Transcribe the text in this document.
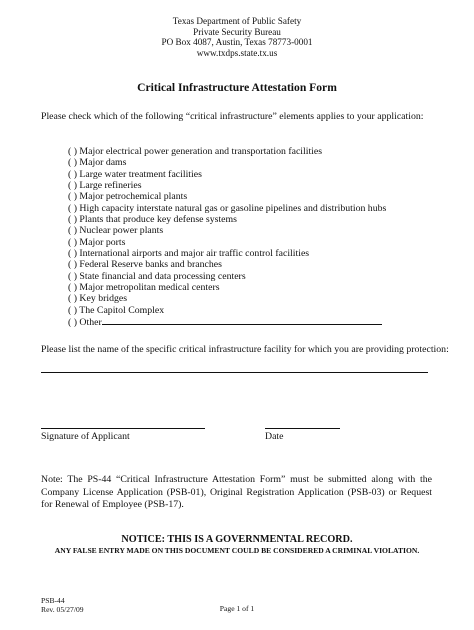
Texas Department of Public Safety
Private Security Bureau
PO Box 4087, Austin, Texas 78773-0001
www.txdps.state.tx.us
Critical Infrastructure Attestation Form
Please check which of the following “critical infrastructure” elements applies to your application:
( ) Major electrical power generation and transportation facilities
( ) Major dams
( ) Large water treatment facilities
( ) Large refineries
( ) Major petrochemical plants
( ) High capacity interstate natural gas or gasoline pipelines and distribution hubs
( ) Plants that produce key defense systems
( ) Nuclear power plants
( ) Major ports
( ) International airports and major air traffic control facilities
( ) Federal Reserve banks and branches
( ) State financial and data processing centers
( ) Major metropolitan medical centers
( ) Key bridges
( ) The Capitol Complex
( ) Other
Please list the name of the specific critical infrastructure facility for which you are providing protection:
Signature of Applicant	Date
Note: The PS-44 “Critical Infrastructure Attestation Form” must be submitted along with the Company License Application (PSB-01), Original Registration Application (PSB-03) or Request for Renewal of Employee (PSB-17).
NOTICE: THIS IS A GOVERNMENTAL RECORD.
ANY FALSE ENTRY MADE ON THIS DOCUMENT COULD BE CONSIDERED A CRIMINAL VIOLATION.
PSB-44
Rev. 05/27/09	Page 1 of 1
